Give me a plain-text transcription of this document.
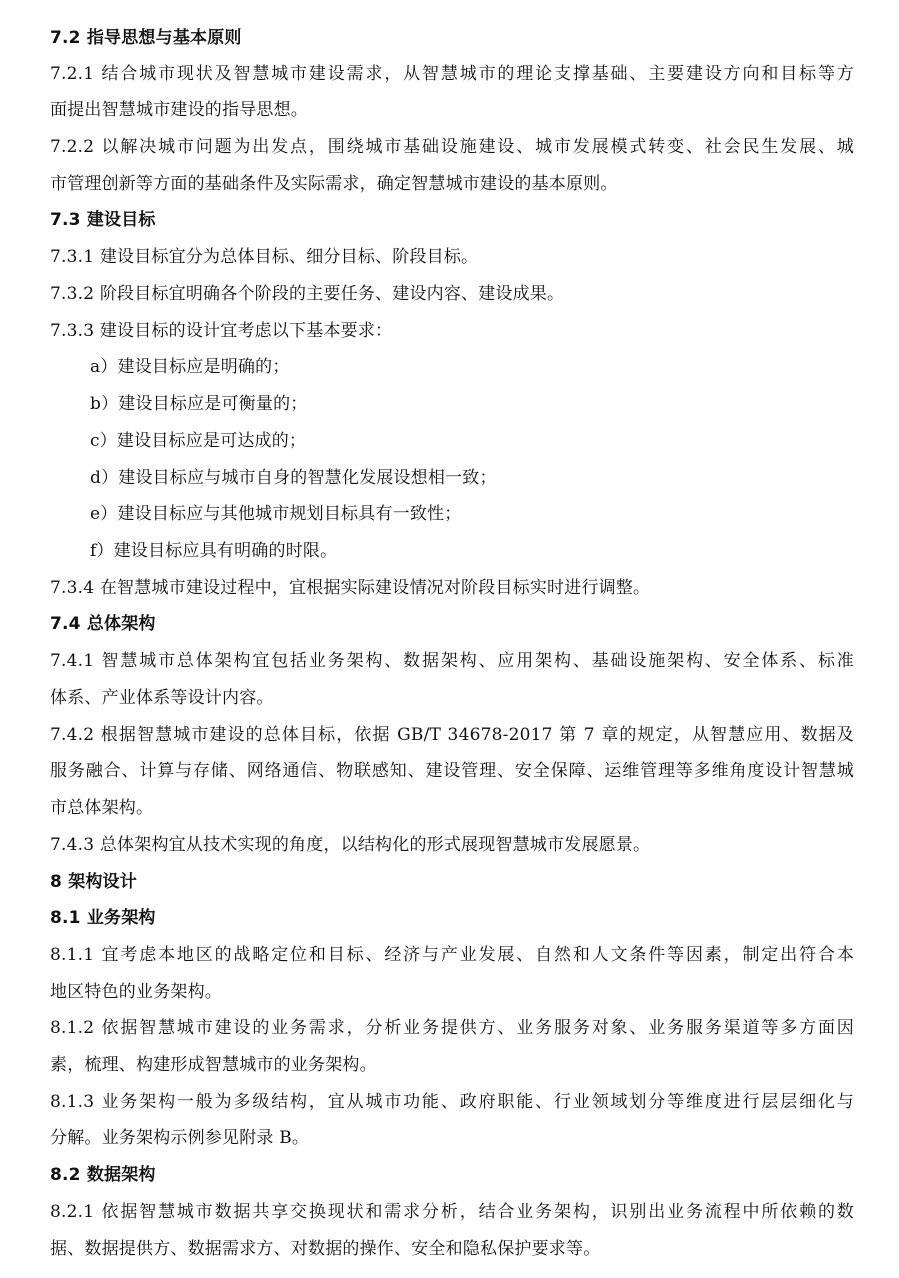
7.2 指导思想与基本原则
7.2.1 结合城市现状及智慧城市建设需求，从智慧城市的理论支撑基础、主要建设方向和目标等方
面提出智慧城市建设的指导思想。
7.2.2 以解决城市问题为出发点，围绕城市基础设施建设、城市发展模式转变、社会民生发展、城
市管理创新等方面的基础条件及实际需求，确定智慧城市建设的基本原则。
7.3 建设目标
7.3.1 建设目标宜分为总体目标、细分目标、阶段目标。
7.3.2 阶段目标宜明确各个阶段的主要任务、建设内容、建设成果。
7.3.3 建设目标的设计宜考虑以下基本要求：
a）建设目标应是明确的；
b）建设目标应是可衡量的；
c）建设目标应是可达成的；
d）建设目标应与城市自身的智慧化发展设想相一致；
e）建设目标应与其他城市规划目标具有一致性；
f）建设目标应具有明确的时限。
7.3.4 在智慧城市建设过程中，宜根据实际建设情况对阶段目标实时进行调整。
7.4 总体架构
7.4.1 智慧城市总体架构宜包括业务架构、数据架构、应用架构、基础设施架构、安全体系、标准
体系、产业体系等设计内容。
7.4.2 根据智慧城市建设的总体目标，依据 GB/T 34678-2017 第 7 章的规定，从智慧应用、数据及
服务融合、计算与存储、网络通信、物联感知、建设管理、安全保障、运维管理等多维角度设计智慧城
市总体架构。
7.4.3 总体架构宜从技术实现的角度，以结构化的形式展现智慧城市发展愿景。
8 架构设计
8.1 业务架构
8.1.1 宜考虑本地区的战略定位和目标、经济与产业发展、自然和人文条件等因素，制定出符合本
地区特色的业务架构。
8.1.2 依据智慧城市建设的业务需求，分析业务提供方、业务服务对象、业务服务渠道等多方面因
素，梳理、构建形成智慧城市的业务架构。
8.1.3 业务架构一般为多级结构，宜从城市功能、政府职能、行业领域划分等维度进行层层细化与
分解。业务架构示例参见附录 B。
8.2 数据架构
8.2.1 依据智慧城市数据共享交换现状和需求分析，结合业务架构，识别出业务流程中所依赖的数
据、数据提供方、数据需求方、对数据的操作、安全和隐私保护要求等。
